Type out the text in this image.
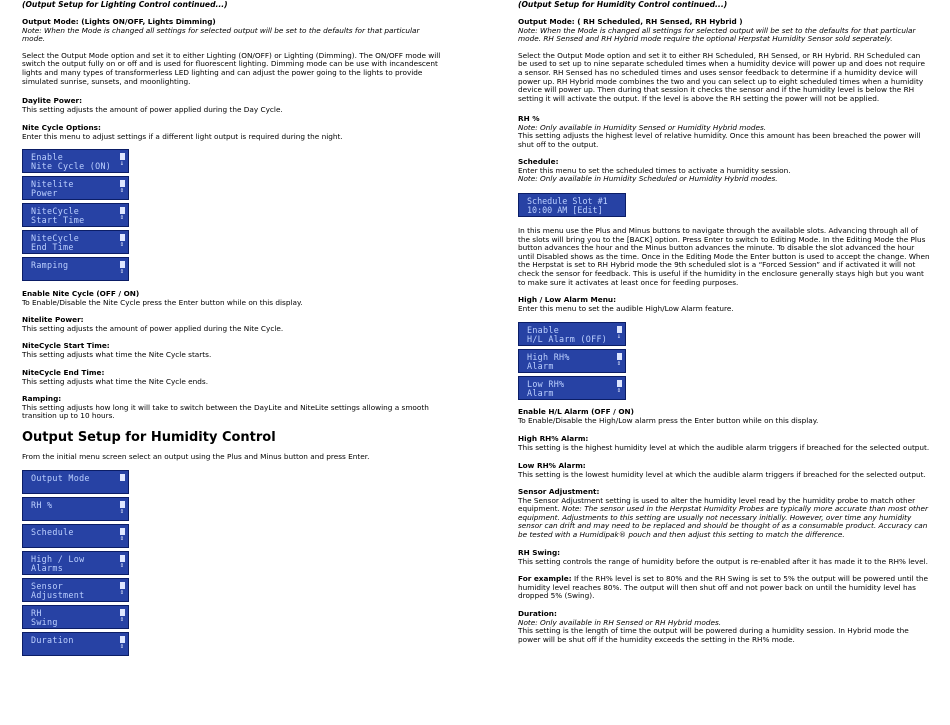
(Output Setup for Lighting Control continued...)

Output Mode: (Lights ON/OFF, Lights Dimming)

Note: When the Mode is changed all settings for selected output will be set to the defaults for that particular mode.

Select the Output Mode option and set it to either Lighting (ON/OFF) or Lighting (Dimming). The ON/OFF mode will switch the output fully on or off and is used for fluorescent lighting. Dimming mode can be use with incandescent lights and many types of transformerless LED lighting and can adjust the power going to the lights to provide simulated sunrise, sunsets, and moonlighting.

Daylite Power:

This setting adjusts the amount of power applied during the Day Cycle.

Nite Cycle Options:

Enter this menu to adjust settings if a different light output is required during the night.

Enable
Nite Cycle (ON)	↓
Nitelite
Power	⇕
NiteCycle
Start Time	⇕
NiteCycle
End Time	⇕
Ramping
⇕

Enable Nite Cycle (OFF / ON)

To Enable/Disable the Nite Cycle press the Enter button while on this display.

Nitelite Power:

This setting adjusts the amount of power applied during the Nite Cycle.

NiteCycle Start Time:

This setting adjusts what time the Nite Cycle starts.

NiteCycle End Time:

This setting adjusts what time the Nite Cycle ends.

Ramping:

This setting adjusts how long it will take to switch between the DayLite and NiteLite settings allowing a smooth transition up to 10 hours.

Output Setup for Humidity Control
From the initial menu screen select an output using the Plus and Minus button and press Enter.
Output Mode
RH %
⇕
Schedule
⇕
High / Low
Alarms	⇕
Sensor
Adjustment	⇕
RH
Swing	⇕
Duration
⇕
(Output Setup for Humidity Control continued...)

Output Mode: ( RH Scheduled, RH Sensed, RH Hybrid )

Note: When the Mode is changed all settings for selected output will be set to the defaults for that particular mode. RH Sensed and RH Hybrid mode require the optional Herpstat Humidity Sensor sold seperately.

Select the Output Mode option and set it to either RH Scheduled, RH Sensed, or RH Hybrid. RH Scheduled can be used to set up to nine separate scheduled times when a humidity device will power up and does not require a sensor. RH Sensed has no scheduled times and uses sensor feedback to determine if a humidity device will power up. RH Hybrid mode combines the two and you can select up to eight scheduled times when a humidity device will power up. Then during that session it checks the sensor and if the humidity level is below the RH setting it will activate the output. If the level is above the RH setting the power will not be applied.

RH %

Note: Only available in Humidity Sensed or Humidity Hybrid modes.

This setting adjusts the highest level of relative humidity. Once this amount has been breached the power will shut off to the output.

Schedule:

Enter this menu to set the scheduled times to activate a humidity session.

Note: Only available in Humidity Scheduled or Humidity Hybrid modes.

Schedule Slot #1 10:00 AM [Edit]
In this menu use the Plus and Minus buttons to navigate through the available slots. Advancing through all of the slots will bring you to the [BACK] option. Press Enter to switch to Editing Mode. In the Editing Mode the Plus button advances the hour and the Minus button advances the minute. To disable the slot advanced the hour until Disabled shows as the time. Once in the Editing Mode the Enter button is used to accept the change. When the Herpstat is set to RH Hybrid mode the 9th scheduled slot is a “Forced Session” and if activated it will not check the sensor for feedback. This is useful if the humidity in the enclosure generally stays high but you want to make sure it activates at least once for feeding purposes.

High / Low Alarm Menu:

Enter this menu to set the audible High/Low Alarm feature.

Enable
H/L Alarm (OFF)	↓
High RH%
Alarm	⇕
Low RH%
Alarm	⇕

Enable H/L Alarm (OFF / ON)

To Enable/Disable the High/Low alarm press the Enter button while on this display.

High RH% Alarm:

This setting is the highest humidity level at which the audible alarm triggers if breached for the selected output.

Low RH% Alarm:

This setting is the lowest humidity level at which the audible alarm triggers if breached for the selected output.

Sensor Adjustment:

The Sensor Adjustment setting is used to alter the humidity level read by the humidity probe to match other equipment. Note: The sensor used in the Herpstat Humidity Probes are typically more accurate than most other equipment. Adjustments to this setting are usually not necessary initially. However, over time any humidity sensor can drift and may need to be replaced and should be thought of as a consumable product. Accuracy can be tested with a Humidipak® pouch and then adjust this setting to match the difference.

RH Swing:

This setting controls the range of humidity before the output is re-enabled after it has made it to the RH% level.

For example: If the RH% level is set to 80% and the RH Swing is set to 5% the output will be powered until the humidity level reaches 80%. The output will then shut off and not power back on until the humidity level has dropped 5% (Swing).

Duration:

Note: Only available in RH Sensed or RH Hybrid modes.

This setting is the length of time the output will be powered during a humidity session. In Hybrid mode the power will be shut off if the humidity exceeds the setting in the RH% mode.
